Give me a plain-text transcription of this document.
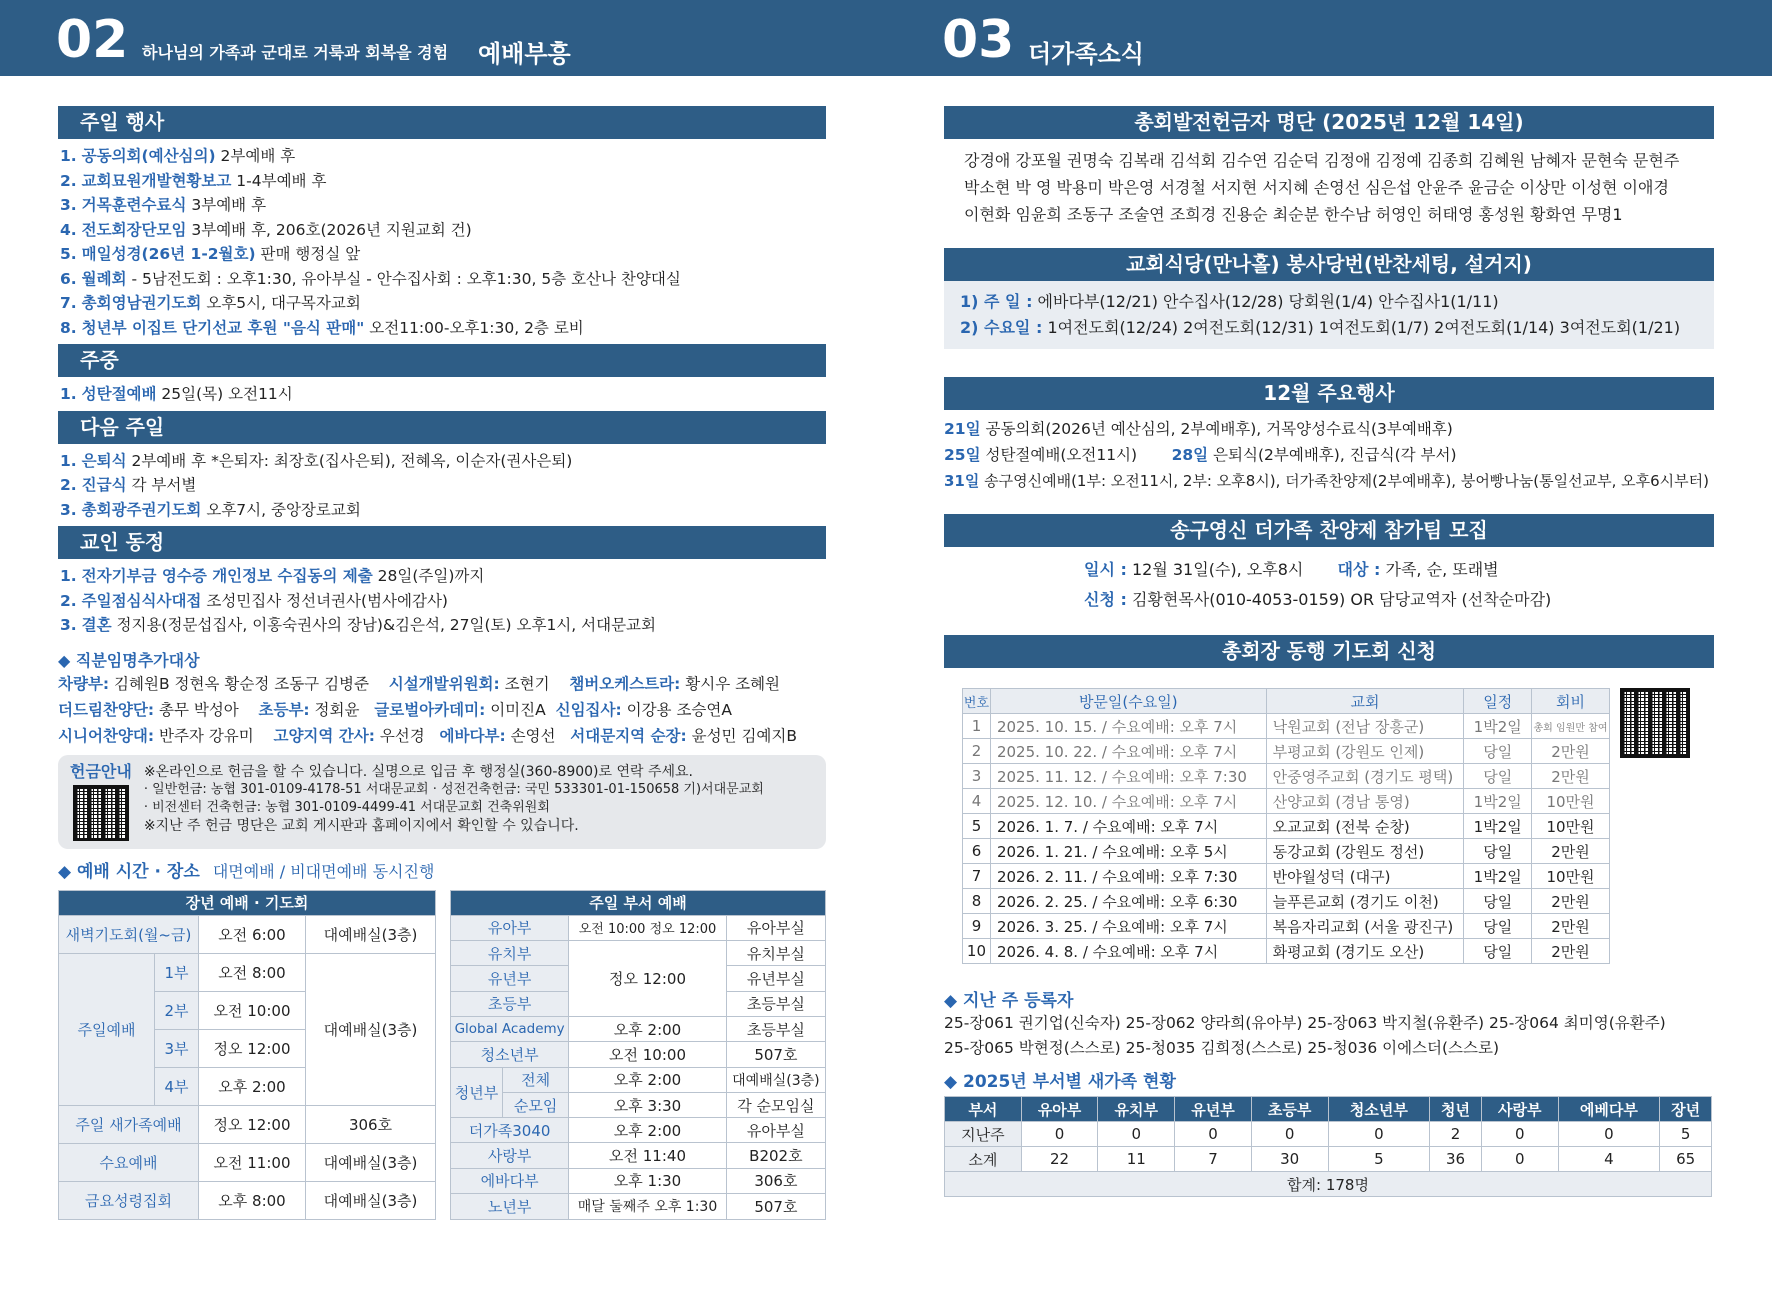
02 하나님의 가족과 군대로 거룩과 회복을 경험 예배부흥	03 더가족소식
주일 행사
1. 공동의회(예산심의) 2부예배 후
2. 교회묘원개발현황보고 1-4부예배 후
3. 거목훈련수료식 3부예배 후
4. 전도회장단모임 3부예배 후, 206호(2026년 지원교회 건)
5. 매일성경(26년 1-2월호) 판매 행정실 앞
6. 월례회 - 5남전도회 : 오후1:30, 유아부실 - 안수집사회 : 오후1:30, 5층 호산나 찬양대실
7. 총회영남권기도회 오후5시, 대구목자교회
8. 청년부 이집트 단기선교 후원 "음식 판매" 오전11:00-오후1:30, 2층 로비
주중
1. 성탄절예배 25일(목) 오전11시
다음 주일
1. 은퇴식 2부예배 후 *은퇴자: 최장호(집사은퇴), 전혜옥, 이순자(권사은퇴)
2. 진급식 각 부서별
3. 총회광주권기도회 오후7시, 중앙장로교회
교인 동정
1. 전자기부금 영수증 개인정보 수집동의 제출 28일(주일)까지
2. 주일점심식사대접 조성민집사 정선녀권사(범사에감사)
3. 결혼 정지용(정문섭집사, 이홍숙권사의 장남)&김은석, 27일(토) 오후1시, 서대문교회
◆ 직분임명추가대상
차량부: 김혜원B 정현옥 황순정 조동구 김병준 시설개발위원회: 조현기 챔버오케스트라: 황시우 조혜원
더드림찬양단: 총무 박성아 초등부: 정회윤 글로벌아카데미: 이미진A 신임집사: 이강용 조승연A
시니어찬양대: 반주자 강유미 고양지역 간사: 우선경 에바다부: 손영선 서대문지역 순장: 윤성민 김예지B
헌금안내 ※온라인으로 헌금을 할 수 있습니다. 실명으로 입금 후 행정실(360-8900)로 연락 주세요.
· 일반헌금: 농협 301-0109-4178-51 서대문교회 · 성전건축헌금: 국민 533301-01-150658 기)서대문교회
· 비전센터 건축헌금: 농협 301-0109-4499-41 서대문교회 건축위원회
※지난 주 헌금 명단은 교회 게시판과 홈페이지에서 확인할 수 있습니다.
◆ 예배 시간 · 장소 대면예배 / 비대면예배 동시진행
장년 예배 · 기도회			
새벽기도회(월~금)		오전 6:00	대예배실(3층)
주일예배	1부	오전 8:00	대예배실(3층)
	2부	오전 10:00	
	3부	정오 12:00	
	4부	오후 2:00	
주일 새가족예배		정오 12:00	306호
수요예배		오전 11:00	대예배실(3층)
금요성령집회		오후 8:00	대예배실(3층)
주일 부서 예배			
유아부		오전 10:00 정오 12:00	유아부실
유치부		정오 12:00	유치부실
유년부			유년부실
초등부			초등부실
Global Academy		오후 2:00	초등부실
청소년부		오전 10:00	507호
청년부	전체	오후 2:00	대예배실(3층)
	순모임	오후 3:30	각 순모임실
더가족3040		오후 2:00	유아부실
사랑부		오전 11:40	B202호
에바다부		오후 1:30	306호
노년부		매달 둘째주 오후 1:30	507호
총회발전헌금자 명단 (2025년 12월 14일)
강경애 강포월 권명숙 김복래 김석회 김수연 김순덕 김정애 김정예 김종희 김혜원 남혜자 문현숙 문현주
박소현 박 영 박용미 박은영 서경철 서지현 서지혜 손영선 심은섭 안윤주 윤금순 이상만 이성현 이애경
이현화 임윤희 조동구 조술연 조희경 진용순 최순분 한수남 허영인 허태영 홍성원 황화연 무명1
교회식당(만나홀) 봉사당번(반찬세팅, 설거지)
1) 주 일 : 에바다부(12/21) 안수집사(12/28) 당회원(1/4) 안수집사1(1/11)
2) 수요일 : 1여전도회(12/24) 2여전도회(12/31) 1여전도회(1/7) 2여전도회(1/14) 3여전도회(1/21)
12월 주요행사
21일 공동의회(2026년 예산심의, 2부예배후), 거목양성수료식(3부예배후)
25일 성탄절예배(오전11시)       28일 은퇴식(2부예배후), 진급식(각 부서)
31일 송구영신예배(1부: 오전11시, 2부: 오후8시), 더가족찬양제(2부예배후), 붕어빵나눔(통일선교부, 오후6시부터)
송구영신 더가족 찬양제 참가팀 모집
일시 : 12월 31일(수), 오후8시 대상 : 가족, 순, 또래별
신청 : 김황현목사(010-4053-0159) OR 담당교역자 (선착순마감)
총회장 동행 기도회 신청
번호	방문일(수요일)	교회	일정	회비
1	2025. 10. 15. / 수요예배: 오후 7시	낙원교회 (전남 장흥군)	1박2일	총회 임원만 참여
2	2025. 10. 22. / 수요예배: 오후 7시	부평교회 (강원도 인제)	당일	2만원
3	2025. 11. 12. / 수요예배: 오후 7:30	안중영주교회 (경기도 평택)	당일	2만원
4	2025. 12. 10. / 수요예배: 오후 7시	산양교회 (경남 통영)	1박2일	10만원
5	2026. 1. 7. / 수요예배: 오후 7시	오교교회 (전북 순창)	1박2일	10만원
6	2026. 1. 21. / 수요예배: 오후 5시	동강교회 (강원도 정선)	당일	2만원
7	2026. 2. 11. / 수요예배: 오후 7:30	반야월성덕 (대구)	1박2일	10만원
8	2026. 2. 25. / 수요예배: 오후 6:30	늘푸른교회 (경기도 이천)	당일	2만원
9	2026. 3. 25. / 수요예배: 오후 7시	복음자리교회 (서울 광진구)	당일	2만원
10	2026. 4. 8. / 수요예배: 오후 7시	화평교회 (경기도 오산)	당일	2만원
◆ 지난 주 등록자
25-장061 권기업(신숙자) 25-장062 양라희(유아부) 25-장063 박지철(유환주) 25-장064 최미영(유환주)
25-장065 박현정(스스로) 25-청035 김희정(스스로) 25-청036 이에스더(스스로)
◆ 2025년 부서별 새가족 현황
부서	유아부	유치부	유년부	초등부	청소년부	청년	사랑부	에베다부	장년
지난주	0	0	0	0	0	2	0	0	5
소계	22	11	7	30	5	36	0	4	65
합계: 178명									
